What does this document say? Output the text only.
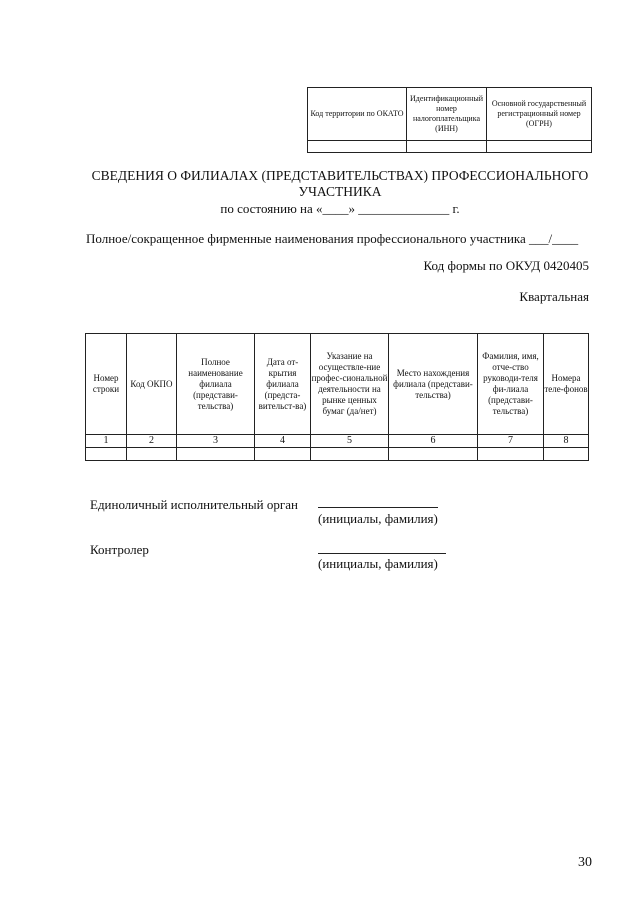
Код территории по ОКАТО	Идентификационный номер налогоплательщика (ИНН)	Основной государственный регистрационный номер (ОГРН)

СВЕДЕНИЯ О ФИЛИАЛАХ (ПРЕДСТАВИТЕЛЬСТВАХ) ПРОФЕССИОНАЛЬНОГО
УЧАСТНИКА
по состоянию на «____» ______________ г.
Полное/сокращенное фирменные наименования профессионального участника ___/____
Код формы по ОКУД 0420405
Квартальная
Номер строки	Код ОКПО	Полное наименование филиала (представи-тельства)	Дата от-крытия филиала (предста-вительст-ва)	Указание на осуществле-ние профес-сиональной деятельности на рынке ценных бумаг (да/нет)	Место нахождения филиала (представи-тельства)	Фамилия, имя, отче-ство руководи-теля фи-лиала (представи-тельства)	Номера теле-фонов
1	2	3	4	5	6	7	8

Единоличный исполнительный орган
(инициалы, фамилия)
Контролер
(инициалы, фамилия)
30
